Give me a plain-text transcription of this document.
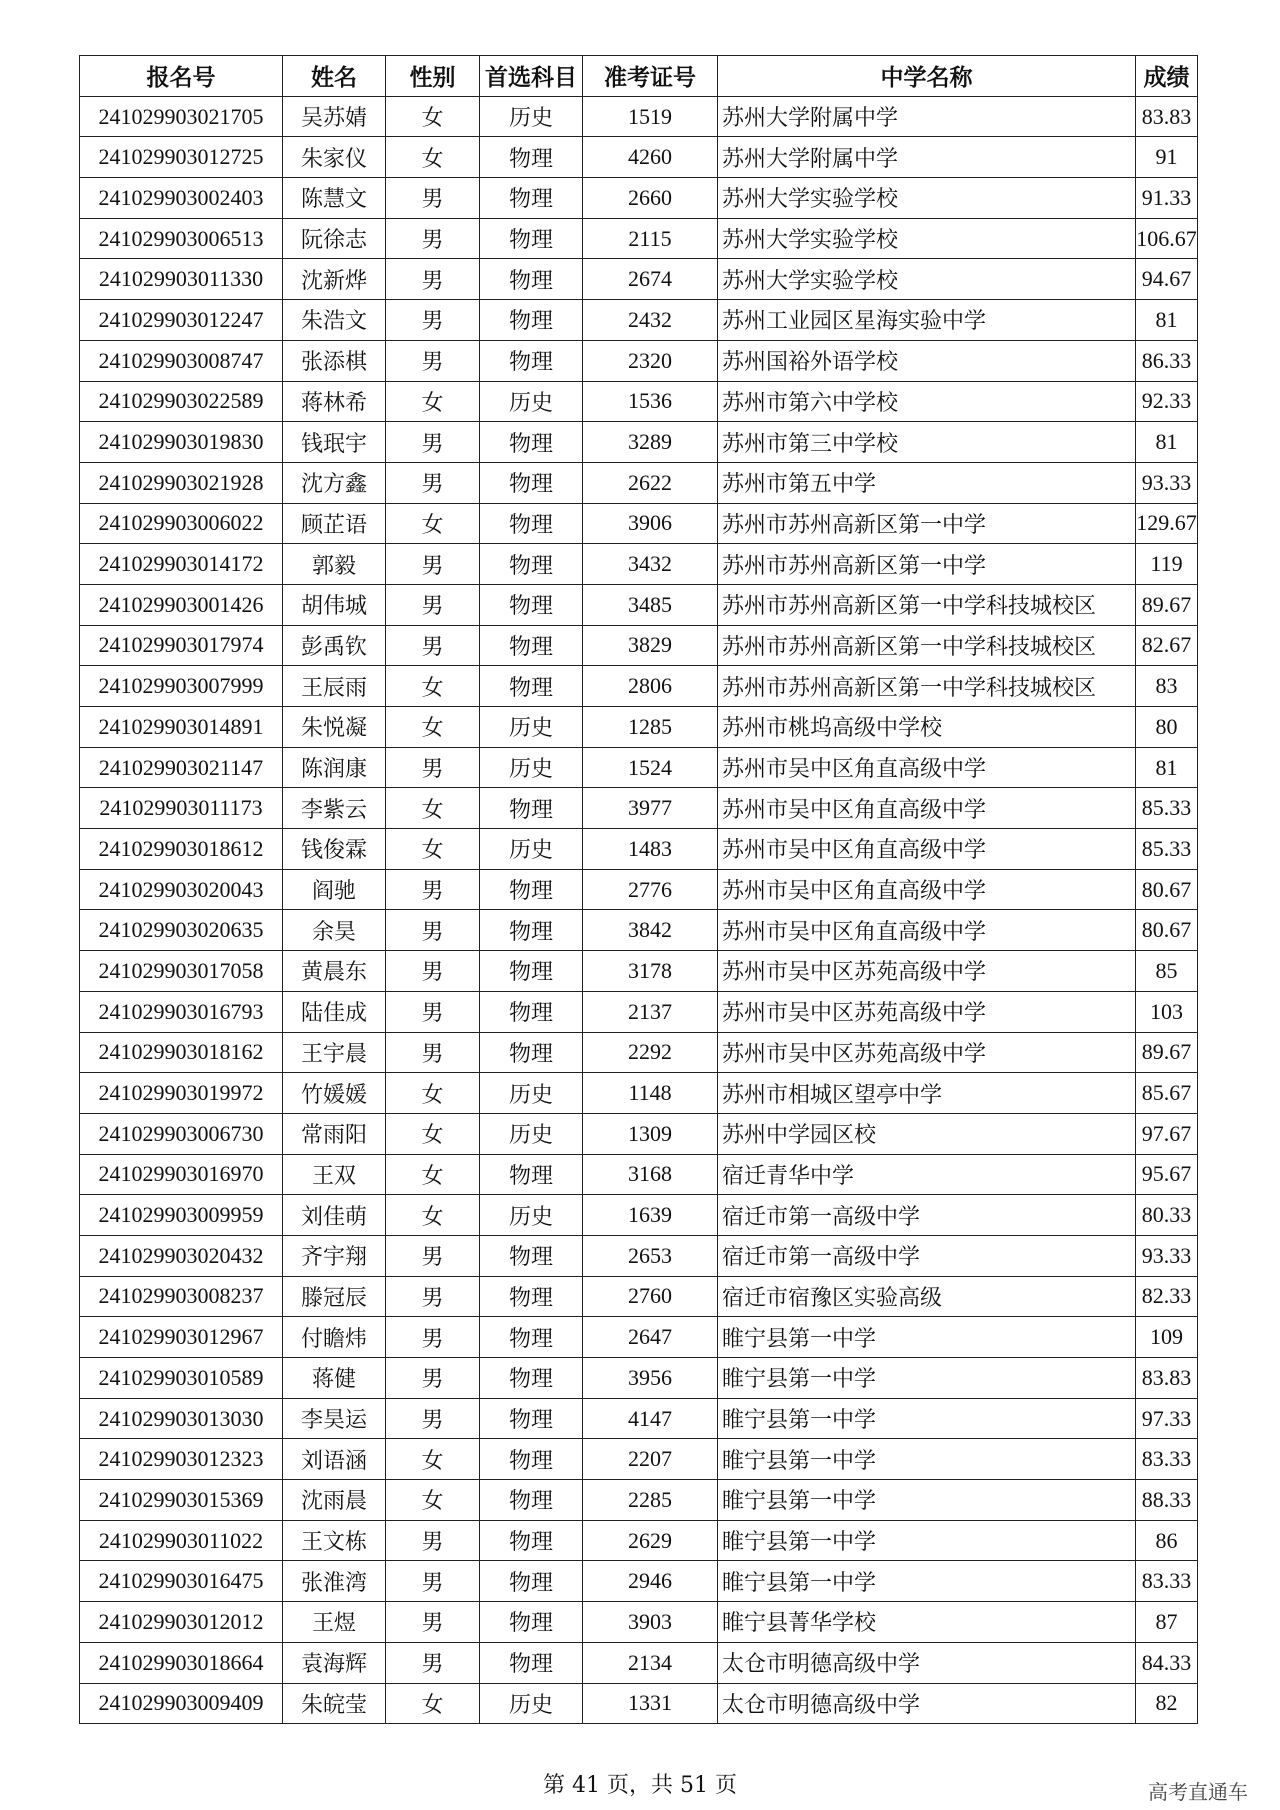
报名号	姓名	性别	首选科目	准考证号	中学名称	成绩
241029903021705	吴苏婧	女	历史	1519	苏州大学附属中学	83.83
241029903012725	朱家仪	女	物理	4260	苏州大学附属中学	91
241029903002403	陈慧文	男	物理	2660	苏州大学实验学校	91.33
241029903006513	阮徐志	男	物理	2115	苏州大学实验学校	106.67
241029903011330	沈新烨	男	物理	2674	苏州大学实验学校	94.67
241029903012247	朱浩文	男	物理	2432	苏州工业园区星海实验中学	81
241029903008747	张添棋	男	物理	2320	苏州国裕外语学校	86.33
241029903022589	蒋林希	女	历史	1536	苏州市第六中学校	92.33
241029903019830	钱珉宇	男	物理	3289	苏州市第三中学校	81
241029903021928	沈方鑫	男	物理	2622	苏州市第五中学	93.33
241029903006022	顾芷语	女	物理	3906	苏州市苏州高新区第一中学	129.67
241029903014172	郭毅	男	物理	3432	苏州市苏州高新区第一中学	119
241029903001426	胡伟城	男	物理	3485	苏州市苏州高新区第一中学科技城校区	89.67
241029903017974	彭禹钦	男	物理	3829	苏州市苏州高新区第一中学科技城校区	82.67
241029903007999	王辰雨	女	物理	2806	苏州市苏州高新区第一中学科技城校区	83
241029903014891	朱悦凝	女	历史	1285	苏州市桃坞高级中学校	80
241029903021147	陈润康	男	历史	1524	苏州市吴中区角直高级中学	81
241029903011173	李紫云	女	物理	3977	苏州市吴中区角直高级中学	85.33
241029903018612	钱俊霖	女	历史	1483	苏州市吴中区角直高级中学	85.33
241029903020043	阎驰	男	物理	2776	苏州市吴中区角直高级中学	80.67
241029903020635	余昊	男	物理	3842	苏州市吴中区角直高级中学	80.67
241029903017058	黄晨东	男	物理	3178	苏州市吴中区苏苑高级中学	85
241029903016793	陆佳成	男	物理	2137	苏州市吴中区苏苑高级中学	103
241029903018162	王宇晨	男	物理	2292	苏州市吴中区苏苑高级中学	89.67
241029903019972	竹媛媛	女	历史	1148	苏州市相城区望亭中学	85.67
241029903006730	常雨阳	女	历史	1309	苏州中学园区校	97.67
241029903016970	王双	女	物理	3168	宿迁青华中学	95.67
241029903009959	刘佳萌	女	历史	1639	宿迁市第一高级中学	80.33
241029903020432	齐宇翔	男	物理	2653	宿迁市第一高级中学	93.33
241029903008237	滕冠辰	男	物理	2760	宿迁市宿豫区实验高级	82.33
241029903012967	付瞻炜	男	物理	2647	睢宁县第一中学	109
241029903010589	蒋健	男	物理	3956	睢宁县第一中学	83.83
241029903013030	李昊运	男	物理	4147	睢宁县第一中学	97.33
241029903012323	刘语涵	女	物理	2207	睢宁县第一中学	83.33
241029903015369	沈雨晨	女	物理	2285	睢宁县第一中学	88.33
241029903011022	王文栋	男	物理	2629	睢宁县第一中学	86
241029903016475	张淮湾	男	物理	2946	睢宁县第一中学	83.33
241029903012012	王煜	男	物理	3903	睢宁县菁华学校	87
241029903018664	袁海辉	男	物理	2134	太仓市明德高级中学	84.33
241029903009409	朱皖莹	女	历史	1331	太仓市明德高级中学	82
第 41 页，共 51 页	高考直通车
